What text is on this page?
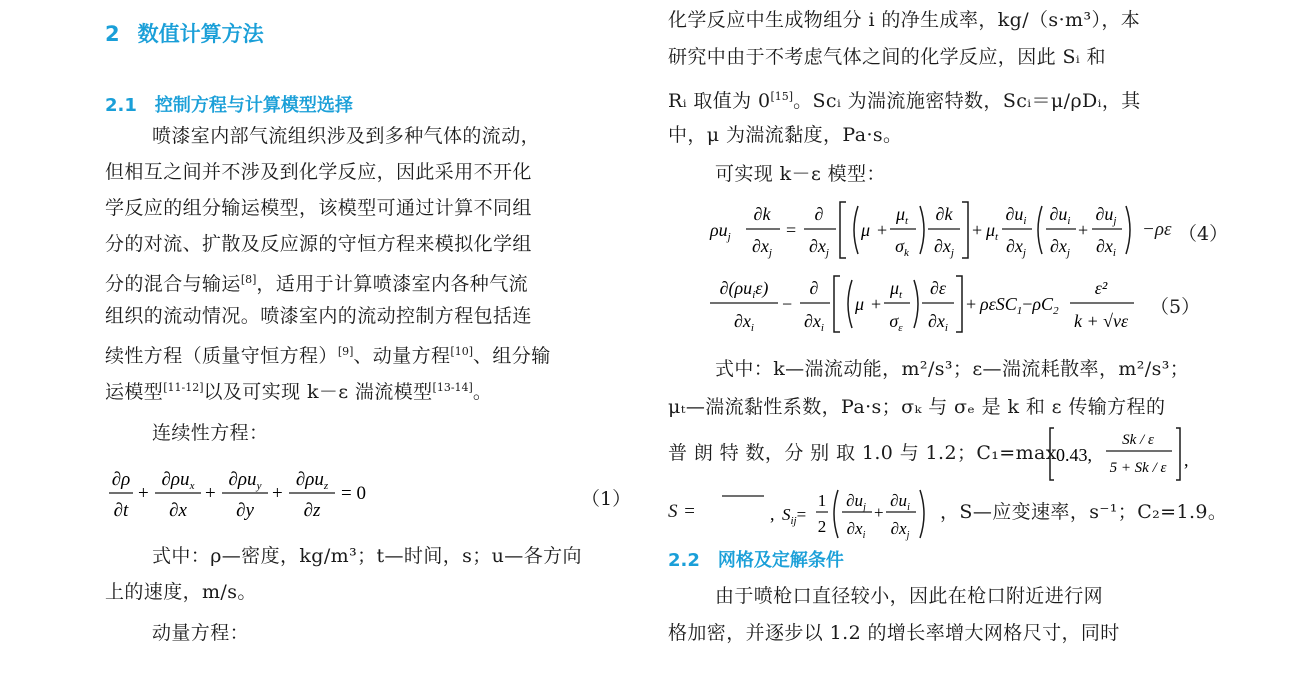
2 数值计算方法
2.1 控制方程与计算模型选择
喷漆室内部气流组织涉及到多种气体的流动，
但相互之间并不涉及到化学反应，因此采用不开化
学反应的组分输运模型，该模型可通过计算不同组
分的对流、扩散及反应源的守恒方程来模拟化学组
分的混合与输运[8]，适用于计算喷漆室内各种气流
组织的流动情况。喷漆室内的流动控制方程包括连
续性方程（质量守恒方程）[9]、动量方程[10]、组分输
运模型[11-12]以及可实现 k－ε 湍流模型[13-14]。
连续性方程：
∂ρ
∂t
+
$\partial\rho u_x$
∂x
+
$\partial\rho u_y$
∂y
+
$\partial\rho u_z$
∂z
= 0	（1）
式中：ρ—密度，kg/m³；t—时间，s；u—各方向
上的速度，m/s。
动量方程：
化学反应中生成物组分 i 的净生成率，kg/（s·m³），本
研究中由于不考虑气体之间的化学反应，因此 Sᵢ 和
Rᵢ 取值为 0[15]。Scᵢ 为湍流施密特数，Scᵢ＝μ/ρDᵢ，其
中，μ 为湍流黏度，Pa·s。
可实现 k－ε 模型：
$\rho u_j$
∂k
$\partial x_j$
=
∂
$\partial x_j$
μ +
$\mu_t$
$\sigma_k$
∂k
$\partial x_j$
+ $\mu_t$
$\partial u_i$
$\partial x_j$
$\partial u_i$
$\partial x_j$
+
$\partial u_j$
$\partial x_i$
−ρε （4）
$\partial(\rho u_i\varepsilon)$
$\partial x_i$
−
∂
$\partial x_i$
μ +
$\mu_t$
$\sigma_\varepsilon$
∂ε
$\partial x_i$
+ $\rho\varepsilon SC_1-\rho C_2$
ε²
k + √νε
（5）
式中：k—湍流动能，m²/s³；ε—湍流耗散率，m²/s³；
μₜ—湍流黏性系数，Pa·s；σₖ 与 σₑ 是 k 和 ε 传输方程的
普 朗 特 数，分 别 取 1.0 与 1.2；C₁=max 0.43,
Sk / ε
5 + Sk / ε ,
S =	, $S_{ij}=$
1
2
$\partial u_j$
$\partial x_i$
+
$\partial u_i$
$\partial x_j$
，S—应变速率，s⁻¹；C₂=1.9。
2.2 网格及定解条件
由于喷枪口直径较小，因此在枪口附近进行网
格加密，并逐步以 1.2 的增长率增大网格尺寸，同时
